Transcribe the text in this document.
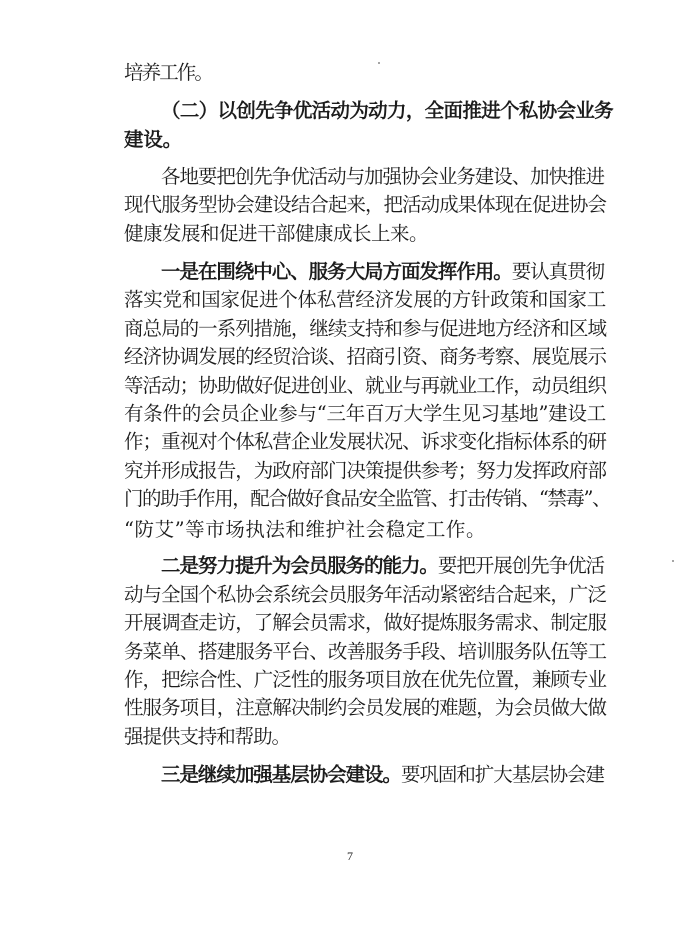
培养工作。
（二）以创先争优活动为动力，全面推进个私协会业务
建设。
各地要把创先争优活动与加强协会业务建设、加快推进
现代服务型协会建设结合起来，把活动成果体现在促进协会
健康发展和促进干部健康成长上来。
一是在围绕中心、服务大局方面发挥作用。要认真贯彻
落实党和国家促进个体私营经济发展的方针政策和国家工
商总局的一系列措施，继续支持和参与促进地方经济和区域
经济协调发展的经贸洽谈、招商引资、商务考察、展览展示
等活动；协助做好促进创业、就业与再就业工作，动员组织
有条件的会员企业参与“三年百万大学生见习基地”建设工
作；重视对个体私营企业发展状况、诉求变化指标体系的研
究并形成报告，为政府部门决策提供参考；努力发挥政府部
门的助手作用，配合做好食品安全监管、打击传销、“禁毒”、
“防艾”等市场执法和维护社会稳定工作。
二是努力提升为会员服务的能力。要把开展创先争优活
动与全国个私协会系统会员服务年活动紧密结合起来，广泛
开展调查走访，了解会员需求，做好提炼服务需求、制定服
务菜单、搭建服务平台、改善服务手段、培训服务队伍等工
作，把综合性、广泛性的服务项目放在优先位置，兼顾专业
性服务项目，注意解决制约会员发展的难题，为会员做大做
强提供支持和帮助。
三是继续加强基层协会建设。要巩固和扩大基层协会建
7
